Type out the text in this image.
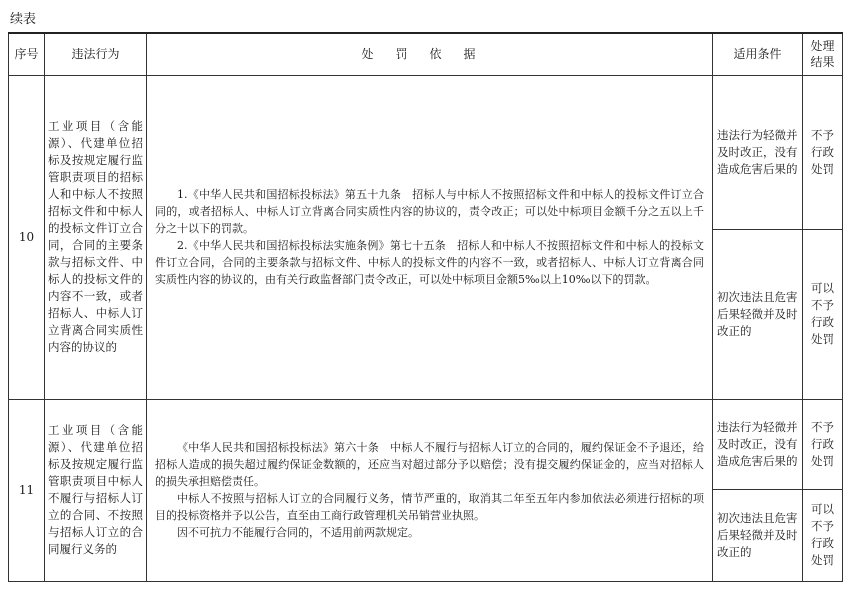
续表
序号	违法行为	处罚依据	适用条件	处理结果
10	工业项目（含能源）、代建单位招标及按规定履行监管职责项目的招标人和中标人不按照招标文件和中标人的投标文件订立合同，合同的主要条款与招标文件、中标人的投标文件的内容不一致，或者招标人、中标人订立背离合同实质性内容的协议的	1.《中华人民共和国招标投标法》第五十九条　招标人与中标人不按照招标文件和中标人的投标文件订立合同的，或者招标人、中标人订立背离合同实质性内容的协议的，责令改正；可以处中标项目金额千分之五以上千分之十以下的罚款。

2.《中华人民共和国招标投标法实施条例》第七十五条　招标人和中标人不按照招标文件和中标人的投标文件订立合同，合同的主要条款与招标文件、中标人的投标文件的内容不一致，或者招标人、中标人订立背离合同实质性内容的协议的，由有关行政监督部门责令改正，可以处中标项目金额5‰以上10‰以下的罚款。	违法行为轻微并及时改正，没有造成危害后果的	不予行政处罚
			初次违法且危害后果轻微并及时改正的	可以不予行政处罚
11	工业项目（含能源）、代建单位招标及按规定履行监管职责项目中标人不履行与招标人订立的合同、不按照与招标人订立的合同履行义务的	《中华人民共和国招标投标法》第六十条　中标人不履行与招标人订立的合同的，履约保证金不予退还，给招标人造成的损失超过履约保证金数额的，还应当对超过部分予以赔偿；没有提交履约保证金的，应当对招标人的损失承担赔偿责任。

中标人不按照与招标人订立的合同履行义务，情节严重的，取消其二年至五年内参加依法必须进行招标的项目的投标资格并予以公告，直至由工商行政管理机关吊销营业执照。

因不可抗力不能履行合同的，不适用前两款规定。	违法行为轻微并及时改正，没有造成危害后果的	不予行政处罚
			初次违法且危害后果轻微并及时改正的	可以不予行政处罚
